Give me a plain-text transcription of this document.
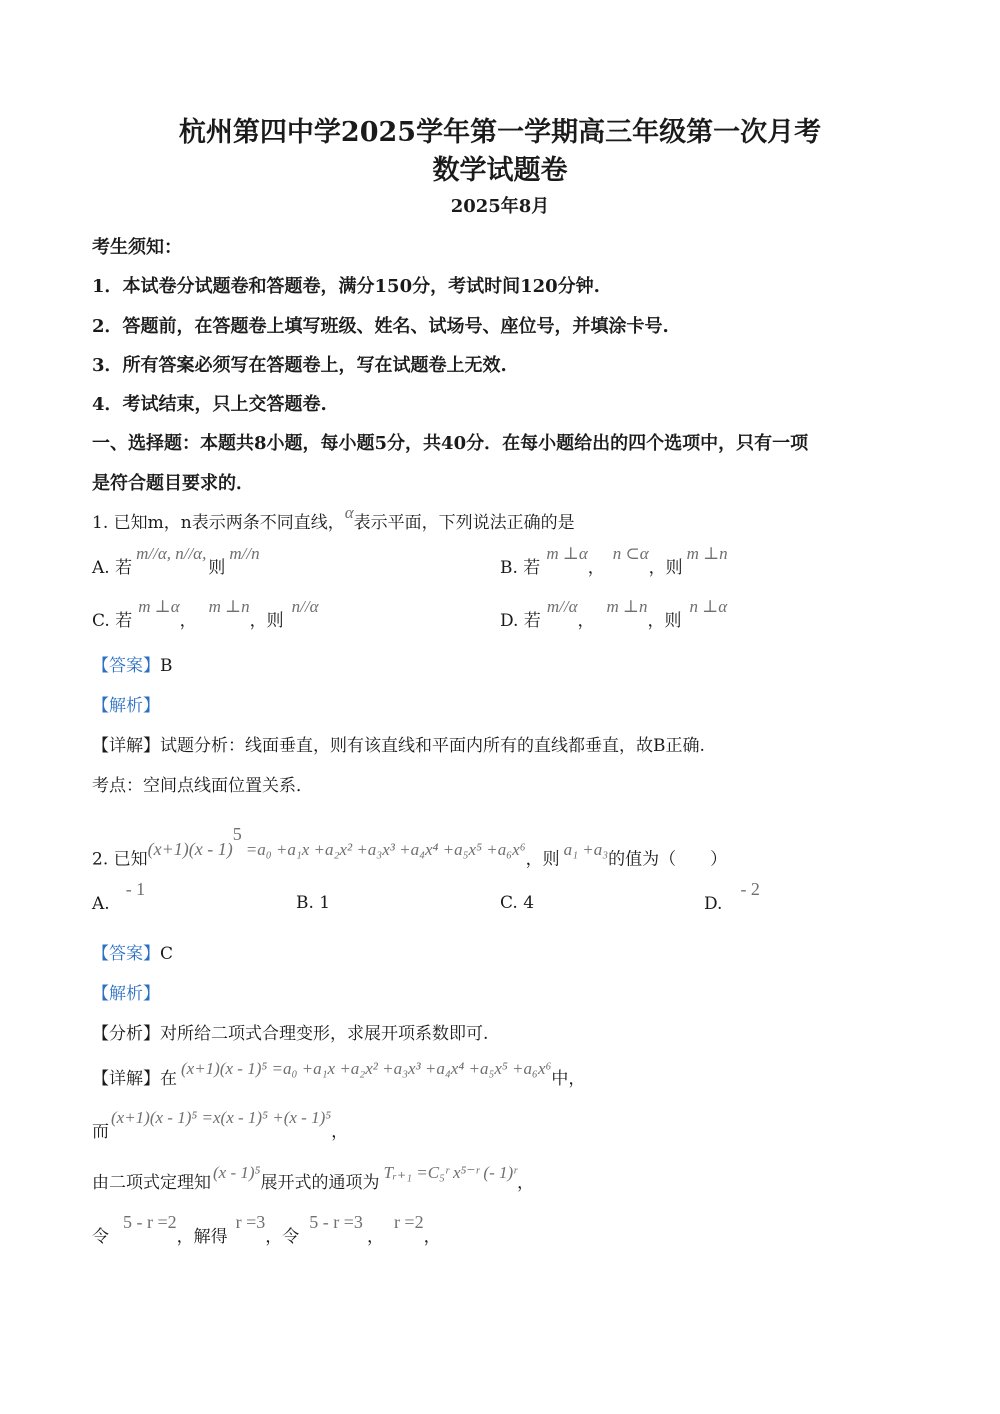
杭州第四中学2025学年第一学期高三年级第一次月考
数学试题卷
2025年8月
考生须知：
1．本试卷分试题卷和答题卷，满分150分，考试时间120分钟.
2．答题前，在答题卷上填写班级、姓名、试场号、座位号，并填涂卡号.
3．所有答案必须写在答题卷上，写在试题卷上无效.
4．考试结束，只上交答题卷.
一、选择题：本题共8小题，每小题5分，共40分．在每小题给出的四个选项中，只有一项
是符合题目要求的．
1. 已知m，n表示两条不同直线，α表示平面，下列说法正确的是
A. 若m//α, n//α,则m//n
B. 若m ⊥α，n ⊂α，则m ⊥n
C. 若m ⊥α，m ⊥n，则n//α
D. 若m//α，m ⊥n，则n ⊥α
【答案】B
【解析】
【详解】试题分析：线面垂直，则有该直线和平面内所有的直线都垂直，故B正确.
考点：空间点线面位置关系．
2. 已知(x+1)(x - 1)$^5$=a₀ +a₁x +a₂x² +a₃x³ +a₄x⁴ +a₅x⁵ +a₆x⁶，则a₁ +a₃的值为（　　）
A.- 1
B. 1	C. 4	D.- 2
【答案】C
【解析】
【分析】对所给二项式合理变形，求展开项系数即可.
【详解】在(x+1)(x - 1)⁵ =a₀ +a₁x +a₂x² +a₃x³ +a₄x⁴ +a₅x⁵ +a₆x⁶中，
而(x+1)(x - 1)⁵ =x(x - 1)⁵ +(x - 1)⁵，
由二项式定理知(x - 1)⁵展开式的通项为Tᵣ₊₁ =C₅ʳ x⁵⁻ʳ (- 1)ʳ，
令5 - r =2，解得r =3，令5 - r =3，r =2，
